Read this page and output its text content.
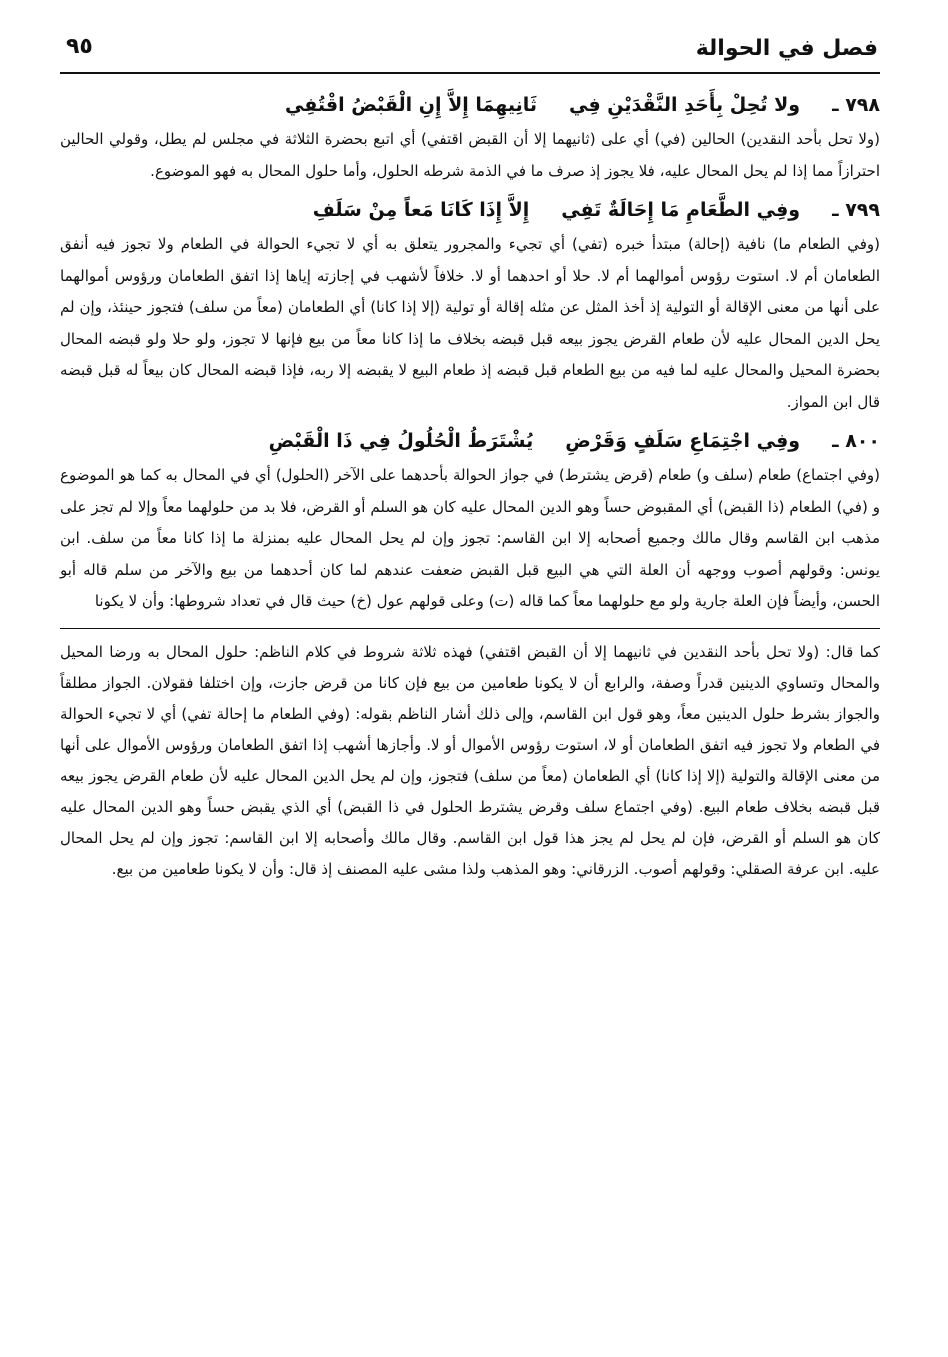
فصل في الحوالة
٩٥
٧٩٨ ـ
ولا تُحِلْ بِأَحَدِ النَّقْدَيْنِ فِي
ثَانِيهِمَا إِلاَّ إِنِ الْقَبْضُ اقْتُفِي

(ولا تحل بأحد النقدين) الحالين (في) أي على (ثانيهما إلا أن القبض اقتفي) أي اتبع بحضرة الثلاثة في مجلس لم يطل، وقولي الحالين احترازاً مما إذا لم يحل المحال عليه، فلا يجوز إذ صرف ما في الذمة شرطه الحلول، وأما حلول المحال به فهو الموضوع.

٧٩٩ ـ
وفِي الطَّعَامِ مَا إِحَالَةٌ تَفِي
إِلاَّ إِذَا كَانَا مَعاً مِنْ سَلَفِ

(وفي الطعام ما) نافية (إحالة) مبتدأ خبره (تفي) أي تجيء والمجرور يتعلق به أي لا تجيء الحوالة في الطعام ولا تجوز فيه أنفق الطعامان أم لا. استوت رؤوس أموالهما أم لا. حلا أو احدهما أو لا. خلافاً لأشهب في إجازته إياها إذا اتفق الطعامان ورؤوس أموالهما على أنها من معنى الإقالة أو التولية إذ أخذ المثل عن مثله إقالة أو تولية (إلا إذا كانا) أي الطعامان (معاً من سلف) فتجوز حينئذ، وإن لم يحل الدين المحال عليه لأن طعام القرض يجوز بيعه قبل قبضه بخلاف ما إذا كانا معاً من بيع فإنها لا تجوز، ولو حلا ولو قبضه المحال بحضرة المحيل والمحال عليه لما فيه من بيع الطعام قبل قبضه إذ طعام البيع لا يقبضه إلا ربه، فإذا قبضه المحال كان بيعاً له قبل قبضه قال ابن المواز.

٨٠٠ ـ
وفِي اجْتِمَاعِ سَلَفٍ وَقَرْضِ
يُشْتَرَطُ الْحُلُولُ فِي ذَا الْقَبْضِ

(وفي اجتماع) طعام (سلف و) طعام (قرض يشترط) في جواز الحوالة بأحدهما على الآخر (الحلول) أي في المحال به كما هو الموضوع و (في) الطعام (ذا القبض) أي المقبوض حساً وهو الدين المحال عليه كان هو السلم أو القرض، فلا بد من حلولهما معاً وإلا لم تجز على مذهب ابن القاسم وقال مالك وجميع أصحابه إلا ابن القاسم: تجوز وإن لم يحل المحال عليه بمنزلة ما إذا كانا معاً من سلف. ابن يونس: وقولهم أصوب ووجهه أن العلة التي هي البيع قبل القبض ضعفت عندهم لما كان أحدهما من بيع والآخر من سلم قاله أبو الحسن، وأيضاً فإن العلة جارية ولو مع حلولهما معاً كما قاله (ت) وعلى قولهم عول (خ) حيث قال في تعداد شروطها: وأن لا يكونا

كما قال: (ولا تحل بأحد النقدين في ثانيهما إلا أن القبض اقتفي) فهذه ثلاثة شروط في كلام الناظم: حلول المحال به ورضا المحيل والمحال وتساوي الدينين قدراً وصفة، والرابع أن لا يكونا طعامين من بيع فإن كانا من قرض جازت، وإن اختلفا فقولان. الجواز مطلقاً والجواز بشرط حلول الدينين معاً، وهو قول ابن القاسم، وإلى ذلك أشار الناظم بقوله: (وفي الطعام ما إحالة تفي) أي لا تجيء الحوالة في الطعام ولا تجوز فيه اتفق الطعامان أو لا، استوت رؤوس الأموال أو لا. وأجازها أشهب إذا اتفق الطعامان ورؤوس الأموال على أنها من معنى الإقالة والتولية (إلا إذا كانا) أي الطعامان (معاً من سلف) فتجوز، وإن لم يحل الدين المحال عليه لأن طعام القرض يجوز بيعه قبل قبضه بخلاف طعام البيع. (وفي اجتماع سلف وقرض يشترط الحلول في ذا القبض) أي الذي يقبض حساً وهو الدين المحال عليه كان هو السلم أو القرض، فإن لم يحل لم يجز هذا قول ابن القاسم. وقال مالك وأصحابه إلا ابن القاسم: تجوز وإن لم يحل المحال عليه. ابن عرفة الصقلي: وقولهم أصوب. الزرقاني: وهو المذهب ولذا مشى عليه المصنف إذ قال: وأن لا يكونا طعامين من بيع.
